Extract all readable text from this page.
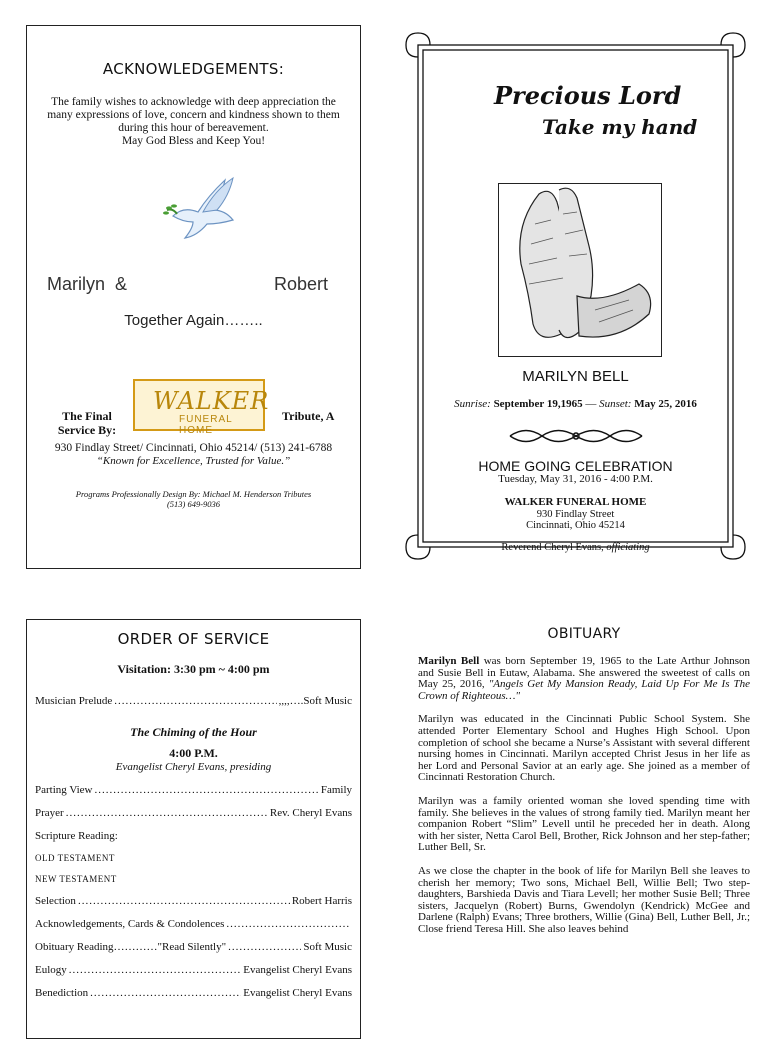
ACKNOWLEDGEMENTS:
The family wishes to acknowledge with deep appreciation the many expressions of love, concern and kindness shown to them during this hour of bereavement.
May God Bless and Keep You!
Marilyn  &	Robert
Together Again……..
The Final Service By:
WALKER
FUNERAL HOME
Tribute, A
930 Findlay Street/ Cincinnati, Ohio 45214/ (513) 241-6788
“Known for Excellence, Trusted for Value.”
Programs Professionally Design By: Michael M. Henderson Tributes
(513) 649-9036
Precious Lord
Take my hand
MARILYN BELL
Sunrise: September 19,1965 — Sunset: May 25, 2016
HOME GOING CELEBRATION
Tuesday, May 31, 2016 - 4:00 P.M.
WALKER FUNERAL HOME
930 Findlay Street
Cincinnati, Ohio 45214
Reverend Cheryl Evans, officiating
ORDER OF SERVICE
Visitation: 3:30 pm ~ 4:00 pm
Musician Prelude .....	,,,,….Soft Music
The Chiming of the Hour
4:00 P.M.
Evangelist Cheryl Evans, presiding
Parting View .....	Family
Prayer .....	Rev. Cheryl Evans
Scripture Reading:
OLD TESTAMENT
NEW TESTAMENT
Selection .....	Robert Harris
Acknowledgements, Cards & Condolences
.....
Obituary Reading…………"Read Silently" .....	Soft Music
Eulogy .....	Evangelist Cheryl Evans
Benediction .....	Evangelist Cheryl Evans
OBITUARY

Marilyn Bell was born September 19, 1965 to the Late Arthur Johnson and Susie Bell in Eutaw, Alabama. She answered the sweetest of calls on May 25, 2016, "Angels Get My Mansion Ready, Laid Up For Me Is The Crown of Righteous…"

Marilyn was educated in the Cincinnati Public School System. She attended Porter Elementary School and Hughes High School. Upon completion of school she became a Nurse’s Assistant with several different nursing homes in Cincinnati. Marilyn accepted Christ Jesus in her life as her Lord and Personal Savior at an early age. She joined as a member of Cincinnati Restoration Church.

Marilyn was a family oriented woman she loved spending time with family. She believes in the values of strong family tied. Marilyn meant her companion Robert “Slim” Levell until he preceded her in death. Along with her sister, Netta Carol Bell, Brother, Rick Johnson and her step-father; Luther Bell, Sr.

As we close the chapter in the book of life for Marilyn Bell she leaves to cherish her memory; Two sons, Michael Bell, Willie Bell; Two step-daughters, Barshieda Davis and Tiara Levell; her mother Susie Bell; Three sisters, Jacquelyn (Robert) Burns, Gwendolyn (Kendrick) McGee and Darlene (Ralph) Evans; Three brothers, Willie (Gina) Bell, Luther Bell, Jr.; Close friend Teresa Hill. She also leaves behind
